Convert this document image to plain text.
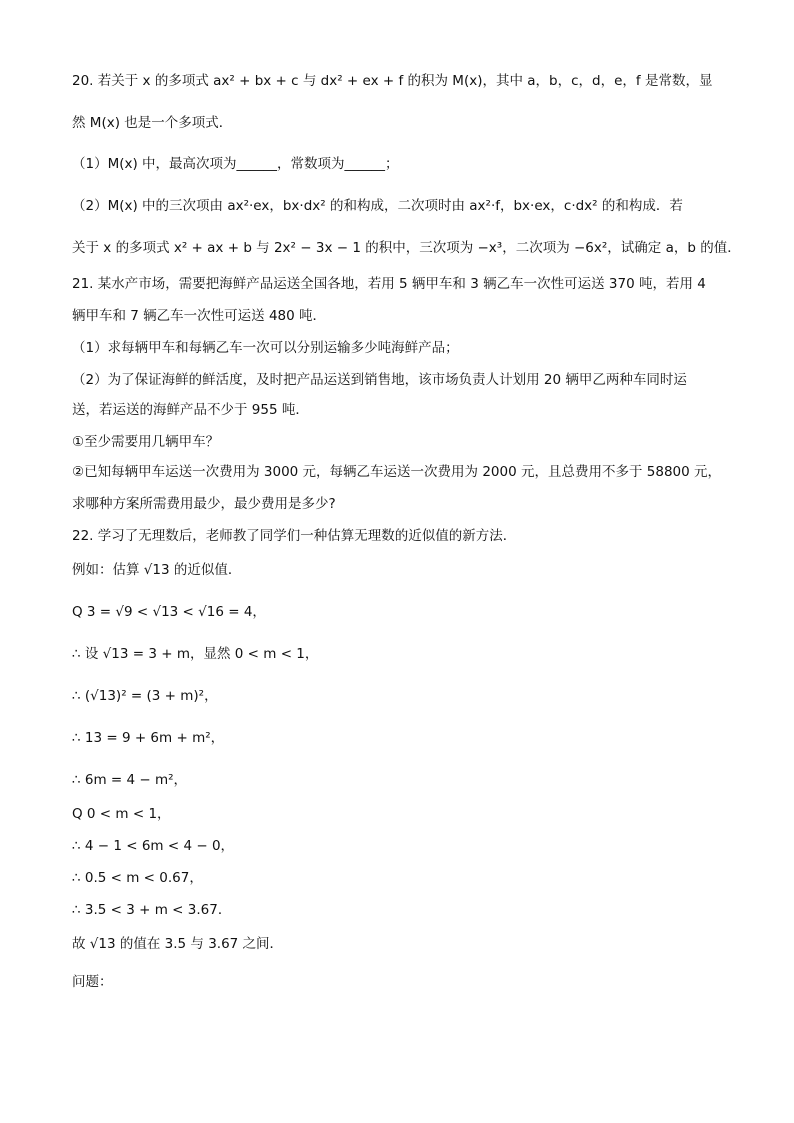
20. 若关于 x 的多项式 ax² + bx + c 与 dx² + ex + f 的积为 M(x)，其中 a，b，c，d，e，f 是常数，显
然 M(x) 也是一个多项式．
（1）M(x) 中，最高次项为______，常数项为______；
（2）M(x) 中的三次项由 ax²·ex，bx·dx² 的和构成，二次项时由 ax²·f，bx·ex，c·dx² 的和构成．若
关于 x 的多项式 x² + ax + b 与 2x² − 3x − 1 的积中，三次项为 −x³，二次项为 −6x²，试确定 a，b 的值．
21. 某水产市场，需要把海鲜产品运送全国各地，若用 5 辆甲车和 3 辆乙车一次性可运送 370 吨，若用 4
辆甲车和 7 辆乙车一次性可运送 480 吨．
（1）求每辆甲车和每辆乙车一次可以分别运输多少吨海鲜产品；
（2）为了保证海鲜的鲜活度，及时把产品运送到销售地，该市场负责人计划用 20 辆甲乙两种车同时运
送，若运送的海鲜产品不少于 955 吨．
①至少需要用几辆甲车？
②已知每辆甲车运送一次费用为 3000 元，每辆乙车运送一次费用为 2000 元，且总费用不多于 58800 元，
求哪种方案所需费用最少，最少费用是多少?
22. 学习了无理数后，老师教了同学们一种估算无理数的近似值的新方法．
例如：估算 √13 的近似值．
Q 3 = √9 < √13 < √16 = 4，
∴ 设 √13 = 3 + m，显然 0 < m < 1，
∴ (√13)² = (3 + m)²，
∴ 13 = 9 + 6m + m²，
∴ 6m = 4 − m²，
Q 0 < m < 1，
∴ 4 − 1 < 6m < 4 − 0，
∴ 0.5 < m < 0.67，
∴ 3.5 < 3 + m < 3.67．
故 √13 的值在 3.5 与 3.67 之间．
问题：
